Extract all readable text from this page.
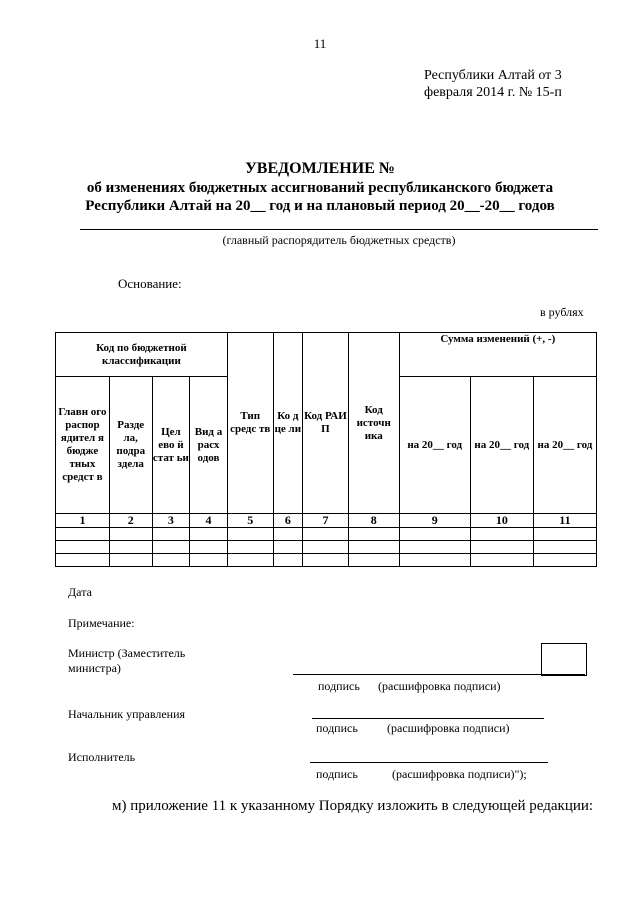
11
Республики Алтай от 3
февраля 2014 г. № 15-п
УВЕДОМЛЕНИЕ №
об изменениях бюджетных ассигнований республиканского бюджета
Республики Алтай на 20__ год и на плановый период 20__-20__ годов
(главный распорядитель бюджетных средств)
Основание:
в рублях
Код по бюджетной классификации				Тип средс тв	Ко д це ли	Код РАИ П	Код источн ика	Сумма изменений (+, -)		
Главн ого распор ядител я бюдже тных средст в	Разде ла, подра здела	Цел ево й стат ьи	Вид а расх одов					на 20__ год	на 20__ год	на 20__ год
1	2	3	4	5	6	7	8	9	10	11

Дата
Примечание:
Министр (Заместитель министра)
подпись (расшифровка подписи)
Начальник управления
подпись (расшифровка подписи)
Исполнитель
подпись	(расшифровка подписи)");
м) приложение 11 к указанному Порядку изложить в следующей редакции:
